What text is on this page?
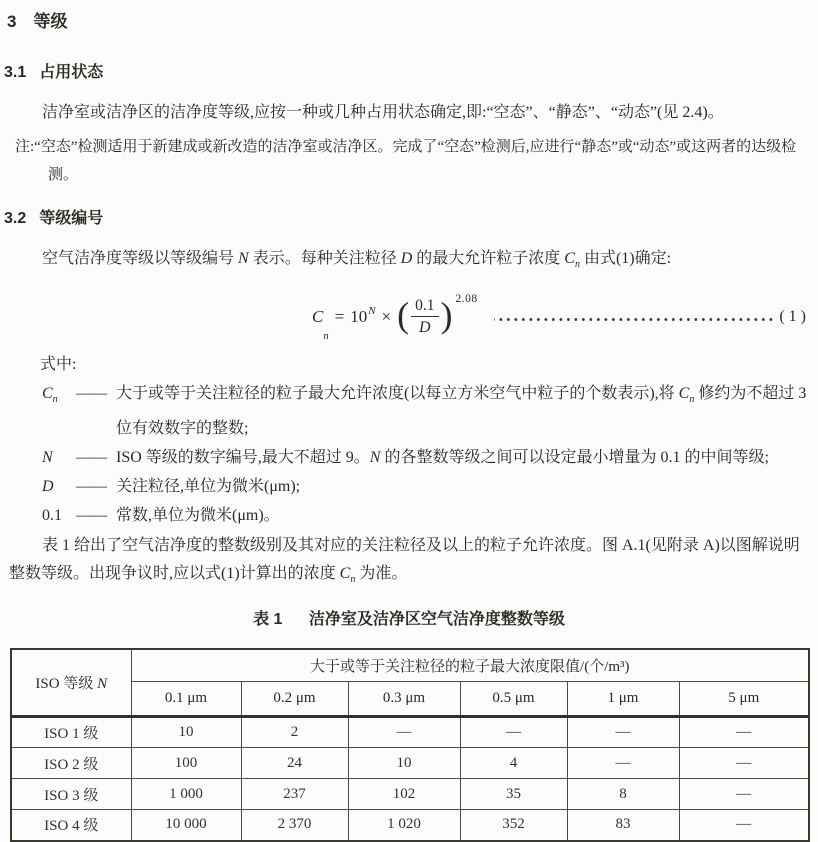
3 等级
3.1 占用状态

洁净室或洁净区的洁净度等级,应按一种或几种占用状态确定,即:“空态”、“静态”、“动态”(见 2.4)。

注:“空态”检测适用于新建成或新改造的洁净室或洁净区。完成了“空态”检测后,应进行“静态”或“动态”或这两者的达级检测。

3.2 等级编号

空气洁净度等级以等级编号 N 表示。每种关注粒径 D 的最大允许粒子浓度 $C_n$ 由式(1)确定:

C
n
= 10 N × ( $\frac{0.1}{D}$ ) 2.08
( 1 )

式中:

$C_n$	—— 大于或等于关注粒径的粒子最大允许浓度(以每立方米空气中粒子的个数表示),将 $C_n$ 修约为不超过 3 位有效数字的整数;
N	—— ISO 等级的数字编号,最大不超过 9。N 的各整数等级之间可以设定最小增量为 0.1 的中间等级;
D	—— 关注粒径,单位为微米(μm);
0.1 —— 常数,单位为微米(μm)。

表 1 给出了空气洁净度的整数级别及其对应的关注粒径及以上的粒子允许浓度。图 A.1(见附录 A)以图解说明整数等级。出现争议时,应以式(1)计算出的浓度 $C_n$ 为准。

表 1 洁净室及洁净区空气洁净度整数等级
ISO 等级 N	大于或等于关注粒径的粒子最大浓度限值/(个/m³)					
	0.1 μm	0.2 μm	0.3 μm	0.5 μm	1 μm	5 μm
ISO 1 级	10	2	—	—	—	—
ISO 2 级	100	24	10	4	—	—
ISO 3 级	1 000	237	102	35	8	—
ISO 4 级	10 000	2 370	1 020	352	83	—
